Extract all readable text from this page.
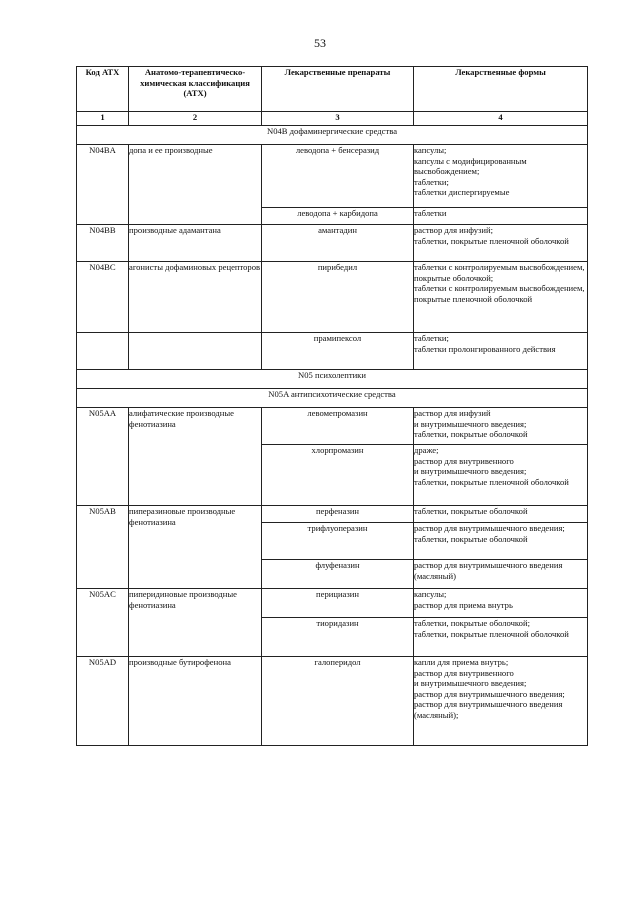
53
Код АТХ	Анатомо-терапевтическо-химическая классификация (АТХ)	Лекарственные препараты	Лекарственные формы
1	2	3	4
N04B дофаминергические средства			
N04BA	допа и ее производные	леводопа + бенсеразид	капсулы;
капсулы с модифицированным высвобождением;
таблетки;
таблетки диспергируемые

		леводопа + карбидопа	таблетки

N04BB	производные адамантана	амантадин	раствор для инфузий;
таблетки, покрытые пленочной оболочкой

N04BC	агонисты дофаминовых рецепторов	пирибедил	таблетки с контролируемым высвобождением, покрытые оболочкой;
таблетки с контролируемым высвобождением, покрытые пленочной оболочкой

		прамипексол	таблетки;
таблетки пролонгированного действия

N05 психолептики			
N05A антипсихотические средства			
N05AA	алифатические производные фенотиазина	левомепромазин	раствор для инфузий
и внутримышечного введения;
таблетки, покрытые оболочкой

		хлорпромазин	драже;
раствор для внутривенного
и внутримышечного введения;
таблетки, покрытые пленочной оболочкой

N05AB	пиперазиновые производные фенотиазина	перфеназин	таблетки, покрытые оболочкой

		трифлуоперазин	раствор для внутримышечного введения;
таблетки, покрытые оболочкой

		флуфеназин	раствор для внутримышечного введения (масляный)

N05AC	пиперидиновые производные фенотиазина	перициазин	капсулы;
раствор для приема внутрь

		тиоридазин	таблетки, покрытые оболочкой;
таблетки, покрытые пленочной оболочкой

N05AD	производные бутирофенона	галоперидол	капли для приема внутрь;
раствор для внутривенного
и внутримышечного введения;
раствор для внутримышечного введения;
раствор для внутримышечного введения (масляный);
